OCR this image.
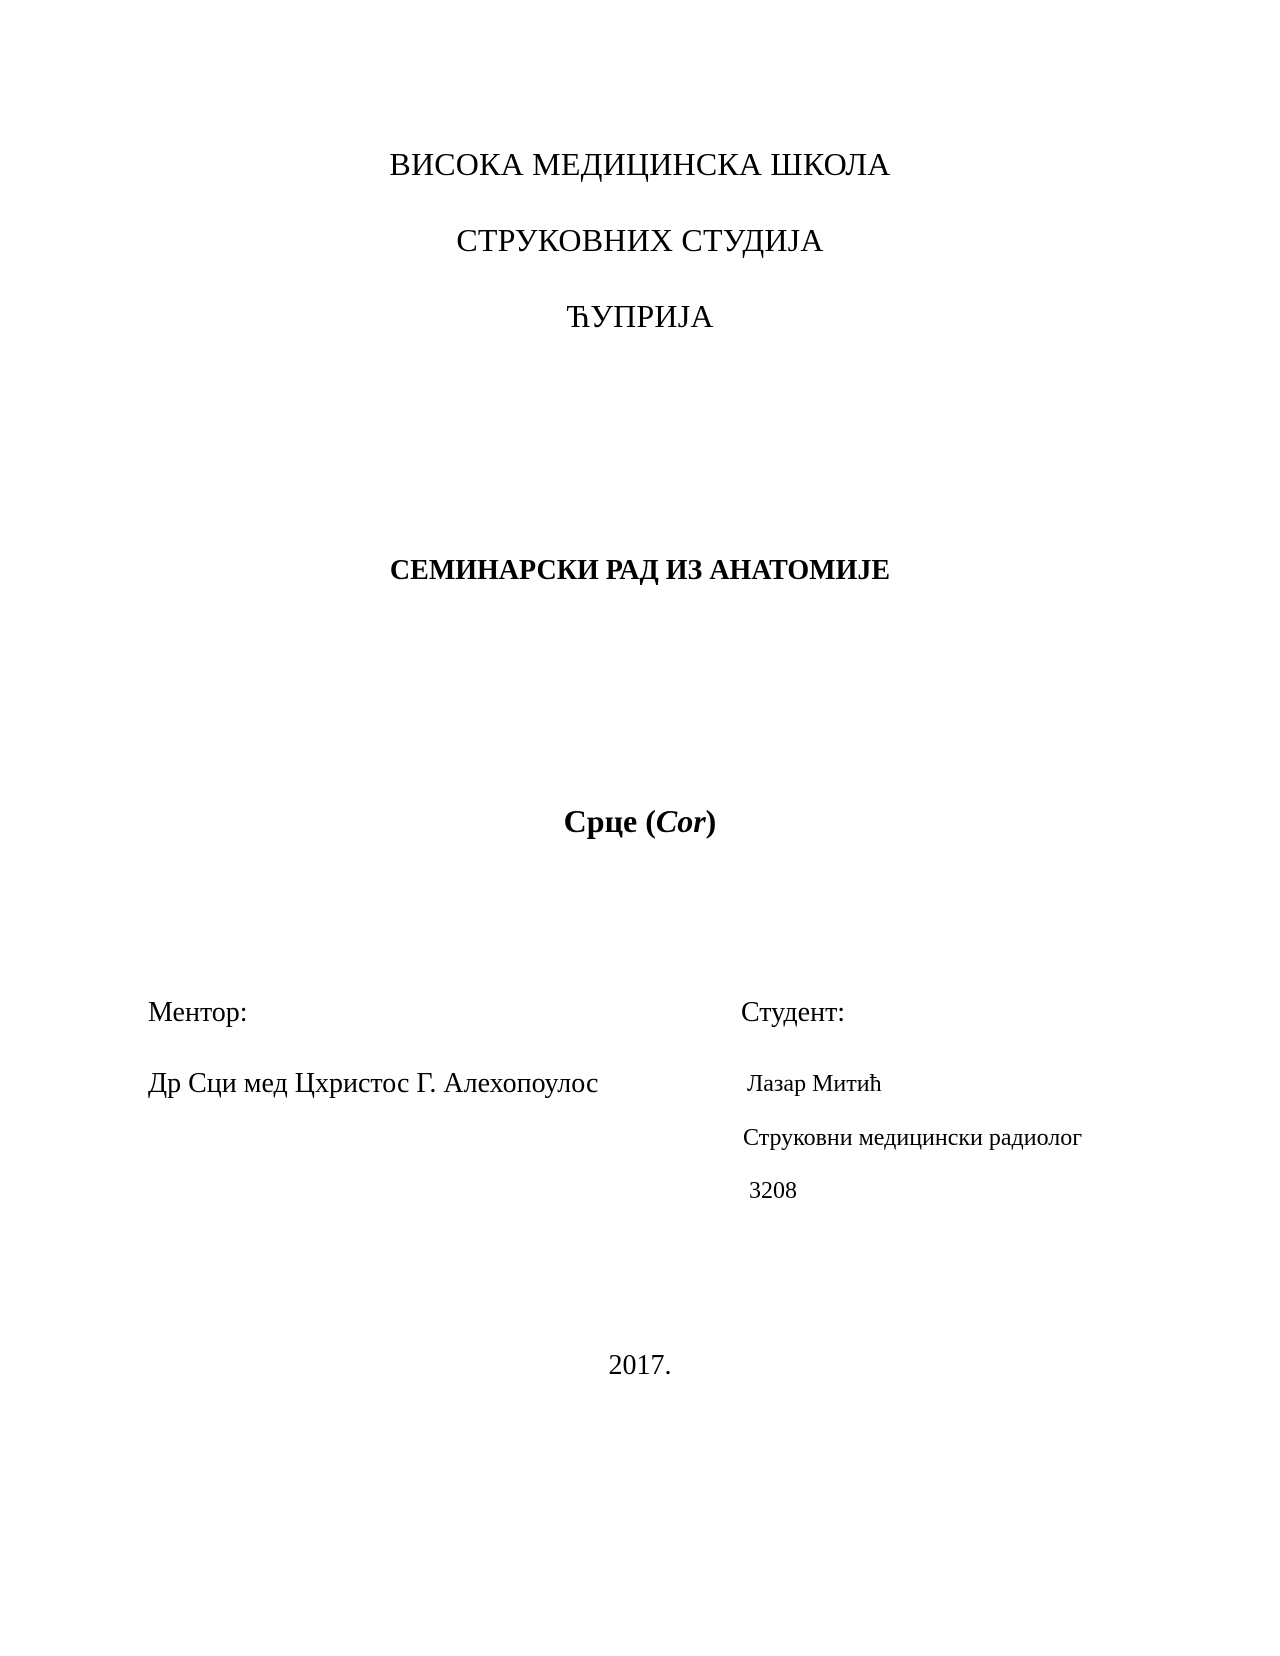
ВИСОКА МЕДИЦИНСКА ШКОЛА
СТРУКОВНИХ СТУДИЈА
ЋУПРИЈА
СЕМИНАРСКИ РАД ИЗ АНАТОМИЈЕ
Срце (Cor)
Ментор:
Др Сци мед Цхристос Г. Алехопоулос
Студент:
Лазар Митић
Струковни медицински радиолог
3208
2017.
